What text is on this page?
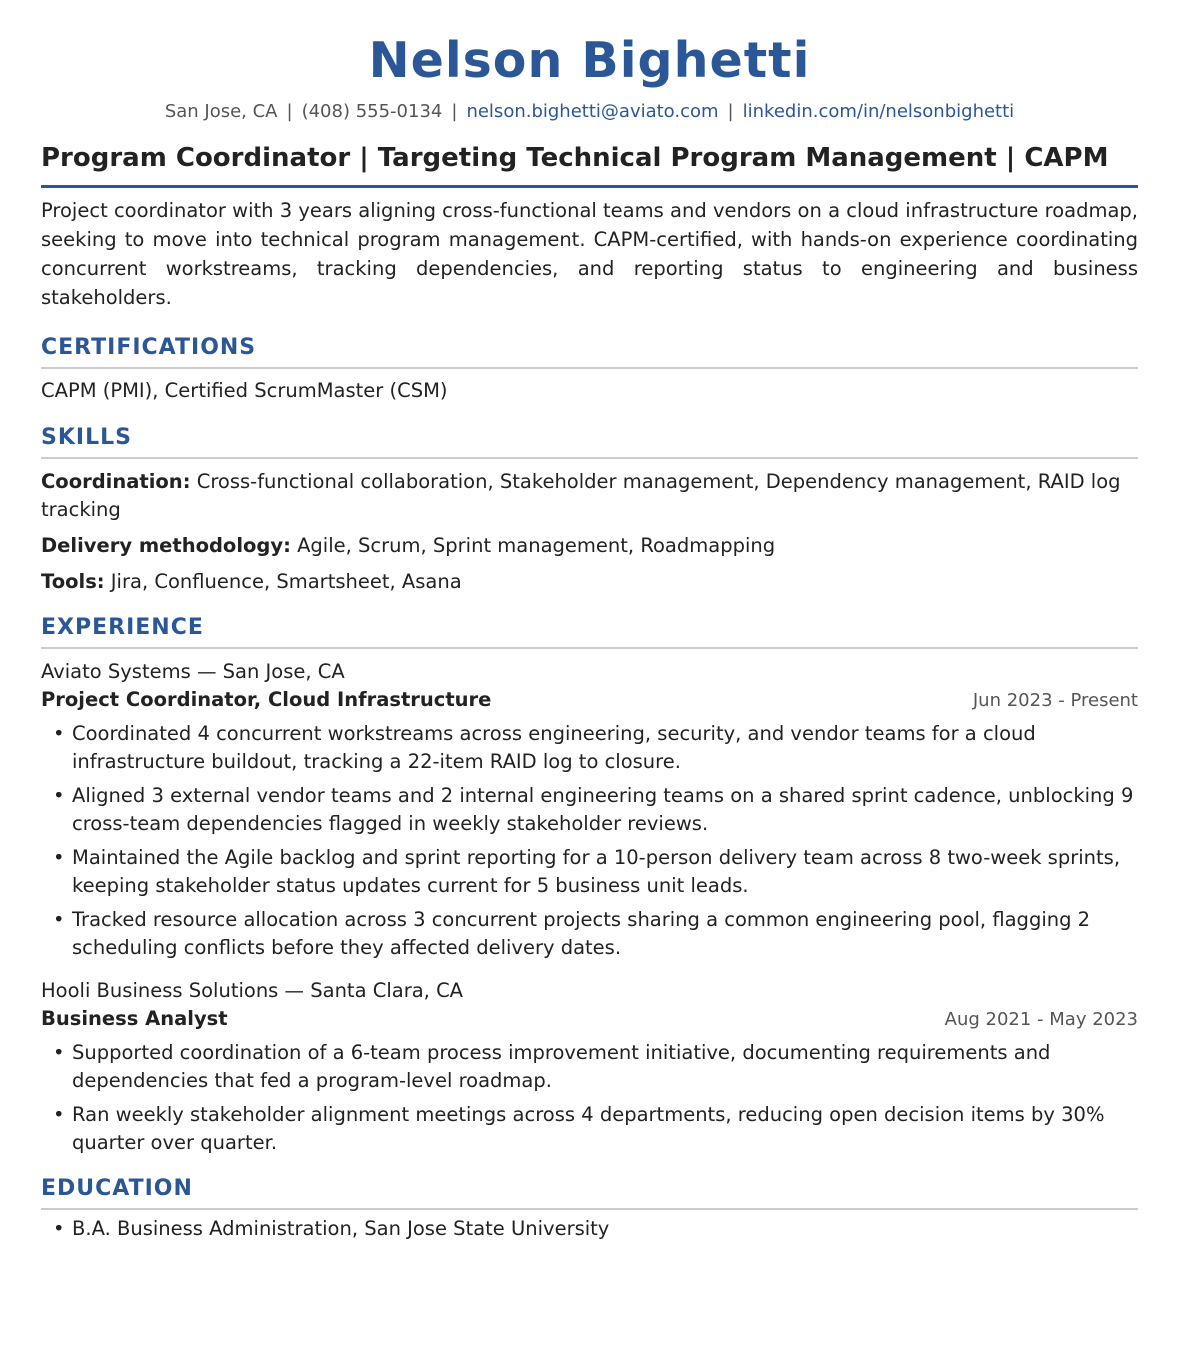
Nelson Bighetti
San Jose, CA | (408) 555-0134 | nelson.bighetti@aviato.com | linkedin.com/in/nelsonbighetti
Program Coordinator | Targeting Technical Program Management | CAPM
Project coordinator with 3 years aligning cross-functional teams and vendors on a cloud infrastructure roadmap, seeking to move into technical program management. CAPM-certified, with hands-on experience coordinating concurrent workstreams, tracking dependencies, and reporting status to engineering and business stakeholders.
CERTIFICATIONS
CAPM (PMI), Certified ScrumMaster (CSM)
SKILLS
Coordination: Cross-functional collaboration, Stakeholder management, Dependency management, RAID log tracking
Delivery methodology: Agile, Scrum, Sprint management, Roadmapping
Tools: Jira, Confluence, Smartsheet, Asana
EXPERIENCE
Aviato Systems — San Jose, CA
Project Coordinator, Cloud Infrastructure	Jun 2023 - Present
• Coordinated 4 concurrent workstreams across engineering, security, and vendor teams for a cloud infrastructure buildout, tracking a 22-item RAID log to closure.
• Aligned 3 external vendor teams and 2 internal engineering teams on a shared sprint cadence, unblocking 9 cross-team dependencies flagged in weekly stakeholder reviews.
• Maintained the Agile backlog and sprint reporting for a 10-person delivery team across 8 two-week sprints, keeping stakeholder status updates current for 5 business unit leads.
• Tracked resource allocation across 3 concurrent projects sharing a common engineering pool, flagging 2 scheduling conflicts before they affected delivery dates.
Hooli Business Solutions — Santa Clara, CA
Business Analyst	Aug 2021 - May 2023
• Supported coordination of a 6-team process improvement initiative, documenting requirements and dependencies that fed a program-level roadmap.
• Ran weekly stakeholder alignment meetings across 4 departments, reducing open decision items by 30% quarter over quarter.
EDUCATION
• B.A. Business Administration, San Jose State University
